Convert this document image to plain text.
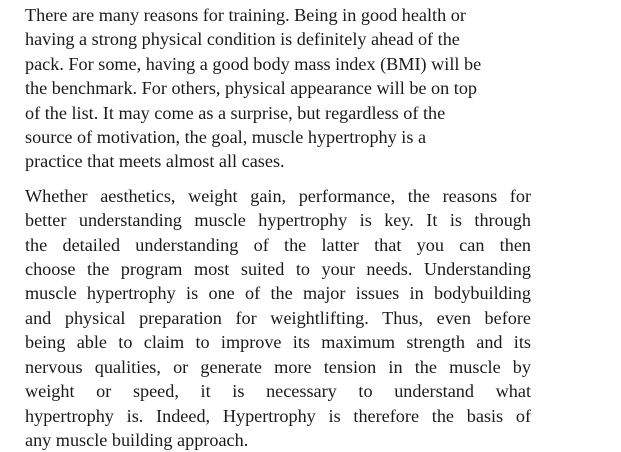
There are many reasons for training. Being in good health or
having a strong physical condition is definitely ahead of the
pack. For some, having a good body mass index (BMI) will be
the benchmark. For others, physical appearance will be on top
of the list. It may come as a surprise, but regardless of the
source of motivation, the goal, muscle hypertrophy is a
practice that meets almost all cases.
Whether aesthetics, weight gain, performance, the reasons for
better understanding muscle hypertrophy is key. It is through
the detailed understanding of the latter that you can then
choose the program most suited to your needs. Understanding
muscle hypertrophy is one of the major issues in bodybuilding
and physical preparation for weightlifting. Thus, even before
being able to claim to improve its maximum strength and its
nervous qualities, or generate more tension in the muscle by
weight or speed, it is necessary to understand what
hypertrophy is. Indeed, Hypertrophy is therefore the basis of
any muscle building approach.
